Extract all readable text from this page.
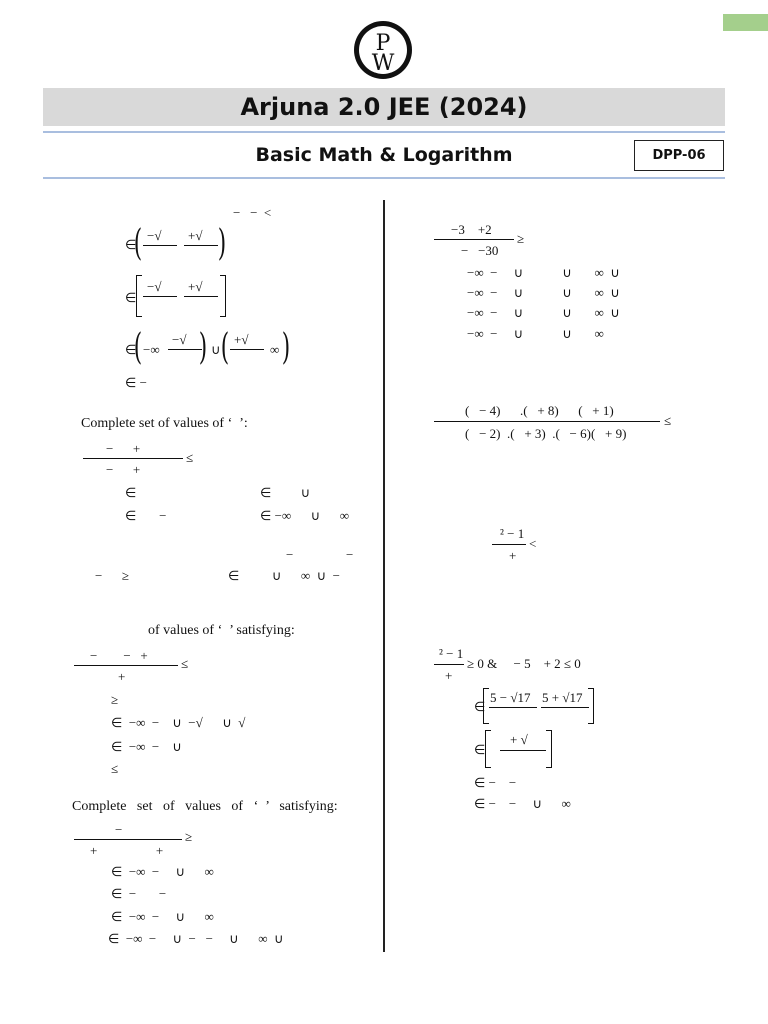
P
W
Arjuna 2.0 JEE (2024)
Basic Math & Logarithm	DPP-06
−   −  <
∈
( −√ +√ )
∈
−√ +√
∈
( −∞
−√ ) ∪ ( +√
∞ )
∈ −
Complete set of values of ‘  ’:
−      +
≤
−      +
∈
∈       −
∈         ∪
∈ −∞      ∪      ∞
−	−
−      ≥	∈          ∪      ∞  ∪  −
of values of ‘  ’ satisfying:
−        −   +
≤
+
≥
∈  −∞  −    ∪  −√      ∪  √
∈  −∞  −    ∪
≤
Complete   set   of   values   of   ‘  ’   satisfying:
−	≥
+                  +
∈  −∞  −     ∪      ∞
∈  −       −
∈  −∞  −     ∪      ∞
∈  −∞  −     ∪  −   −     ∪      ∞  ∪
−3    +2
≥
−   −30
−∞  −     ∪            ∪       ∞  ∪
−∞  −     ∪            ∪       ∞  ∪
−∞  −     ∪            ∪       ∞  ∪
−∞  −     ∪            ∪       ∞
(   − 4)      .(   + 8)      (   + 1)
≤
(   − 2)  .(   + 3)  .(   − 6)(   + 9)
² − 1
<
+
² − 1
+
≥ 0 &     − 5    + 2 ≤ 0
∈
5 − √17 5 + √17
∈
+ √
∈ −    −
∈ −    −     ∪      ∞
